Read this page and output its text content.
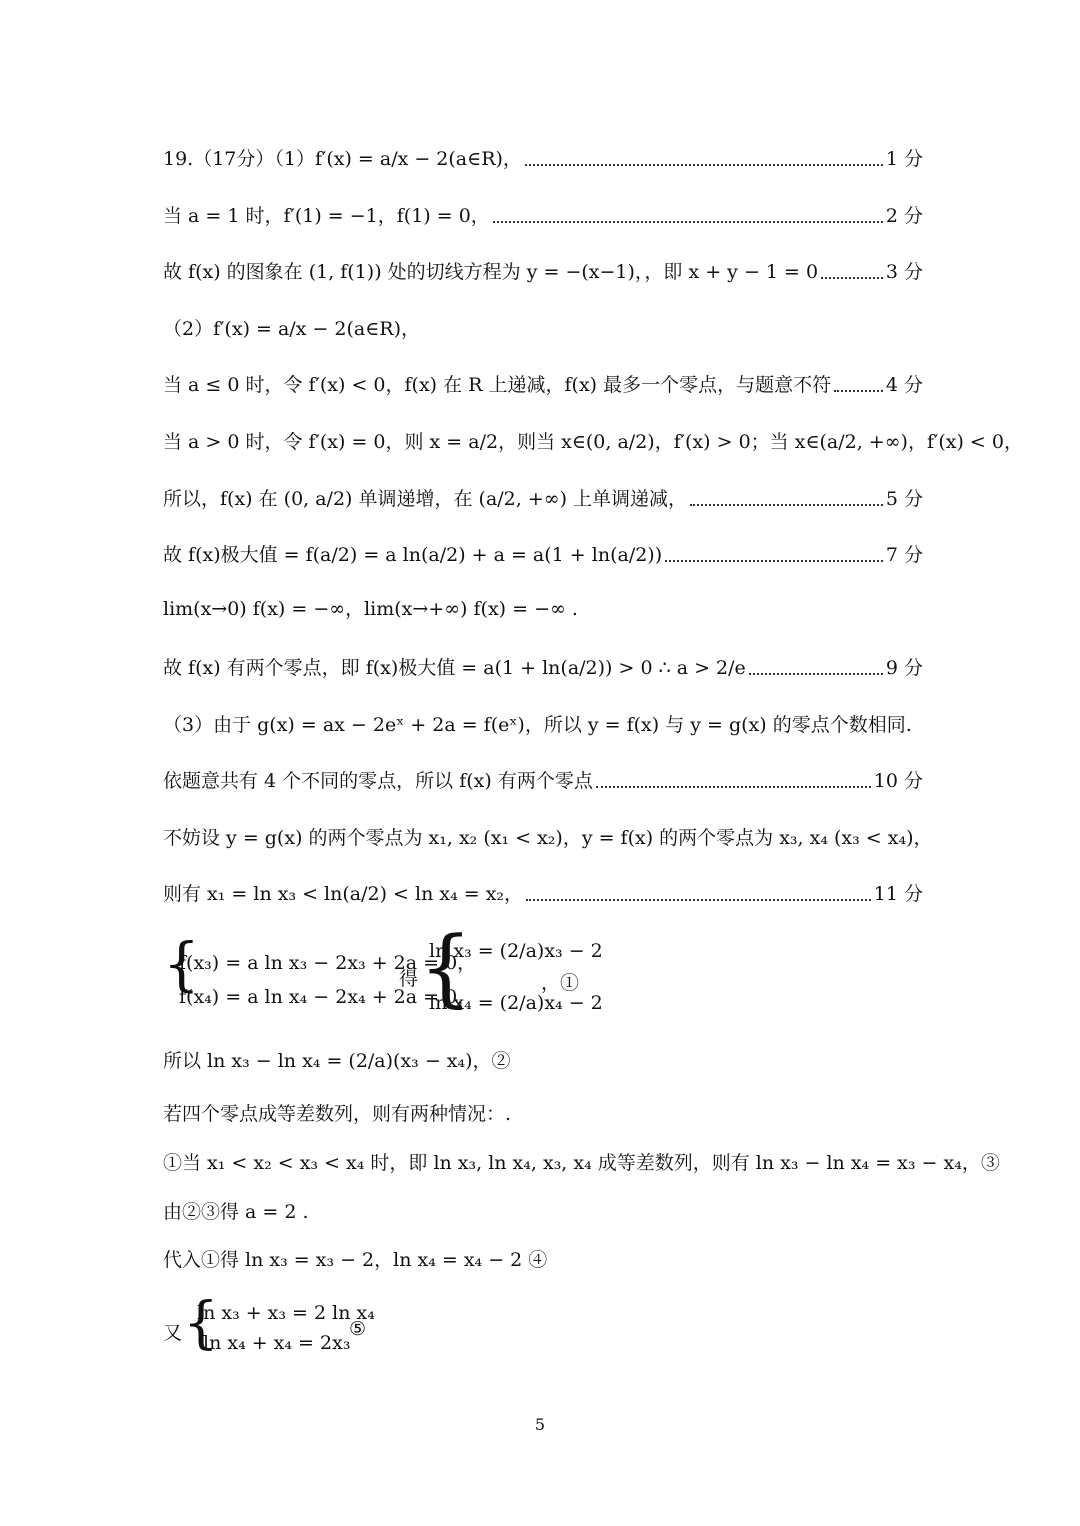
19.（17分）（1）f′(x) = a/x − 2(a∈R)，	1 分
当 a = 1 时，f′(1) = −1，f(1) = 0，	2 分
故 f(x) 的图象在 (1, f(1)) 处的切线方程为 y = −(x−1)，，即 x + y − 1 = 0	3 分
（2）f′(x) = a/x − 2(a∈R)，
当 a ≤ 0 时，令 f′(x) < 0，f(x) 在 R 上递减，f(x) 最多一个零点，与题意不符	4 分
当 a > 0 时，令 f′(x) = 0，则 x = a/2，则当 x∈(0, a/2)，f′(x) > 0；当 x∈(a/2, +∞)，f′(x) < 0，
所以，f(x) 在 (0, a/2) 单调递增，在 (a/2, +∞) 上单调递减，	5 分
故 f(x)极大值 = f(a/2) = a ln(a/2) + a = a(1 + ln(a/2))	7 分
lim(x→0) f(x) = −∞，lim(x→+∞) f(x) = −∞ .
故 f(x) 有两个零点，即 f(x)极大值 = a(1 + ln(a/2)) > 0 ∴ a > 2/e	9 分
（3）由于 g(x) = ax − 2eˣ + 2a = f(eˣ)，所以 y = f(x) 与 y = g(x) 的零点个数相同.
依题意共有 4 个不同的零点，所以 f(x) 有两个零点	10 分
不妨设 y = g(x) 的两个零点为 x₁, x₂ (x₁ < x₂)，y = f(x) 的两个零点为 x₃, x₄ (x₃ < x₄)，
则有 x₁ = ln x₃ < ln(a/2) < ln x₄ = x₂，	11 分
{
f(x₃) = a ln x₃ − 2x₃ + 2a = 0，
f(x₄) = a ln x₄ − 2x₄ + 2a = 0，
得 {
ln x₃ = (2/a)x₃ − 2
ln x₄ = (2/a)x₄ − 2
，①
所以 ln x₃ − ln x₄ = (2/a)(x₃ − x₄)，②
若四个零点成等差数列，则有两种情况：.
①当 x₁ < x₂ < x₃ < x₄ 时，即 ln x₃, ln x₄, x₃, x₄ 成等差数列，则有 ln x₃ − ln x₄ = x₃ − x₄，③
由②③得 a = 2 .
代入①得 ln x₃ = x₃ − 2，ln x₄ = x₄ − 2 ④
又 {
ln x₃ + x₃ = 2 ln x₄
ln x₄ + x₄ = 2x₃
⑤
5
